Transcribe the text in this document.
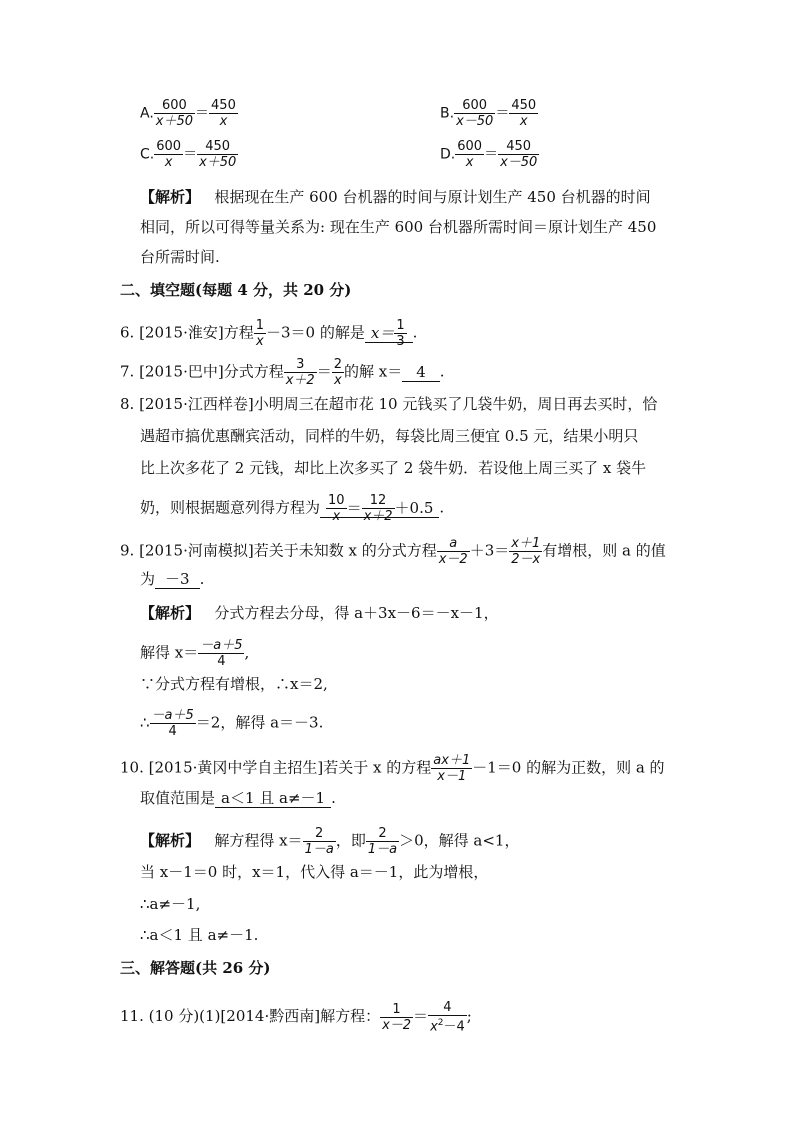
A. $\frac{600}{x+50} = \frac{450}{x}$	B. $\frac{600}{x-50} = \frac{450}{x}$
C. $\frac{600}{x} = \frac{450}{x+50}$	D. $\frac{600}{x} = \frac{450}{x-50}$
【解析】 根据现在生产 600 台机器的时间与原计划生产 450 台机器的时间
相同，所以可得等量关系为: 现在生产 600 台机器所需时间＝原计划生产 450
台所需时间.
二、填空题(每题 4 分，共 20 分)
6. [2015·淮安]方程 $\frac{1}{x} -3=0$ 的解是 $x= \frac{1}{3}$ .
7. [2015·巴中]分式方程 $\frac{3}{x+2} = \frac{2}{x}$ 的解 x＝ 4 .
8. [2015·江西样卷]小明周三在超市花 10 元钱买了几袋牛奶，周日再去买时，恰
遇超市搞优惠酬宾活动，同样的牛奶，每袋比周三便宜 0.5 元，结果小明只
比上次多花了 2 元钱，却比上次多买了 2 袋牛奶．若设他上周三买了 x 袋牛
奶，则根据题意列得方程为 $\frac{10}{x} = \frac{12}{x+2} +0.5$ .
9. [2015·河南模拟]若关于未知数 x 的分式方程 $\frac{a}{x-2} +3= \frac{x+1}{2-x}$ 有增根，则 a 的值
为 －3 .
【解析】 分式方程去分母，得 a＋3x－6＝－x－1，
解得 $x= \frac{-a+5}{4}$ ,
∵分式方程有增根，∴x＝2,
∴ $\frac{-a+5}{4} =2$，解得 a＝－3.
10. [2015·黄冈中学自主招生]若关于 x 的方程 $\frac{ax+1}{x-1} -1=0$ 的解为正数，则 a 的
取值范围是 a＜1 且 a≠－1 .
【解析】 解方程得 $x= \frac{2}{1-a}$ ，即 $\frac{2}{1-a} >0$，解得 a<1，
当 x－1＝0 时，x＝1，代入得 a＝－1，此为增根，
∴a≠－1,
∴a＜1 且 a≠－1.
三、解答题(共 26 分)
11. (10 分)(1)[2014·黔西南]解方程： $\frac{1}{x-2} = \frac{4}{x^2-4}$ ;
